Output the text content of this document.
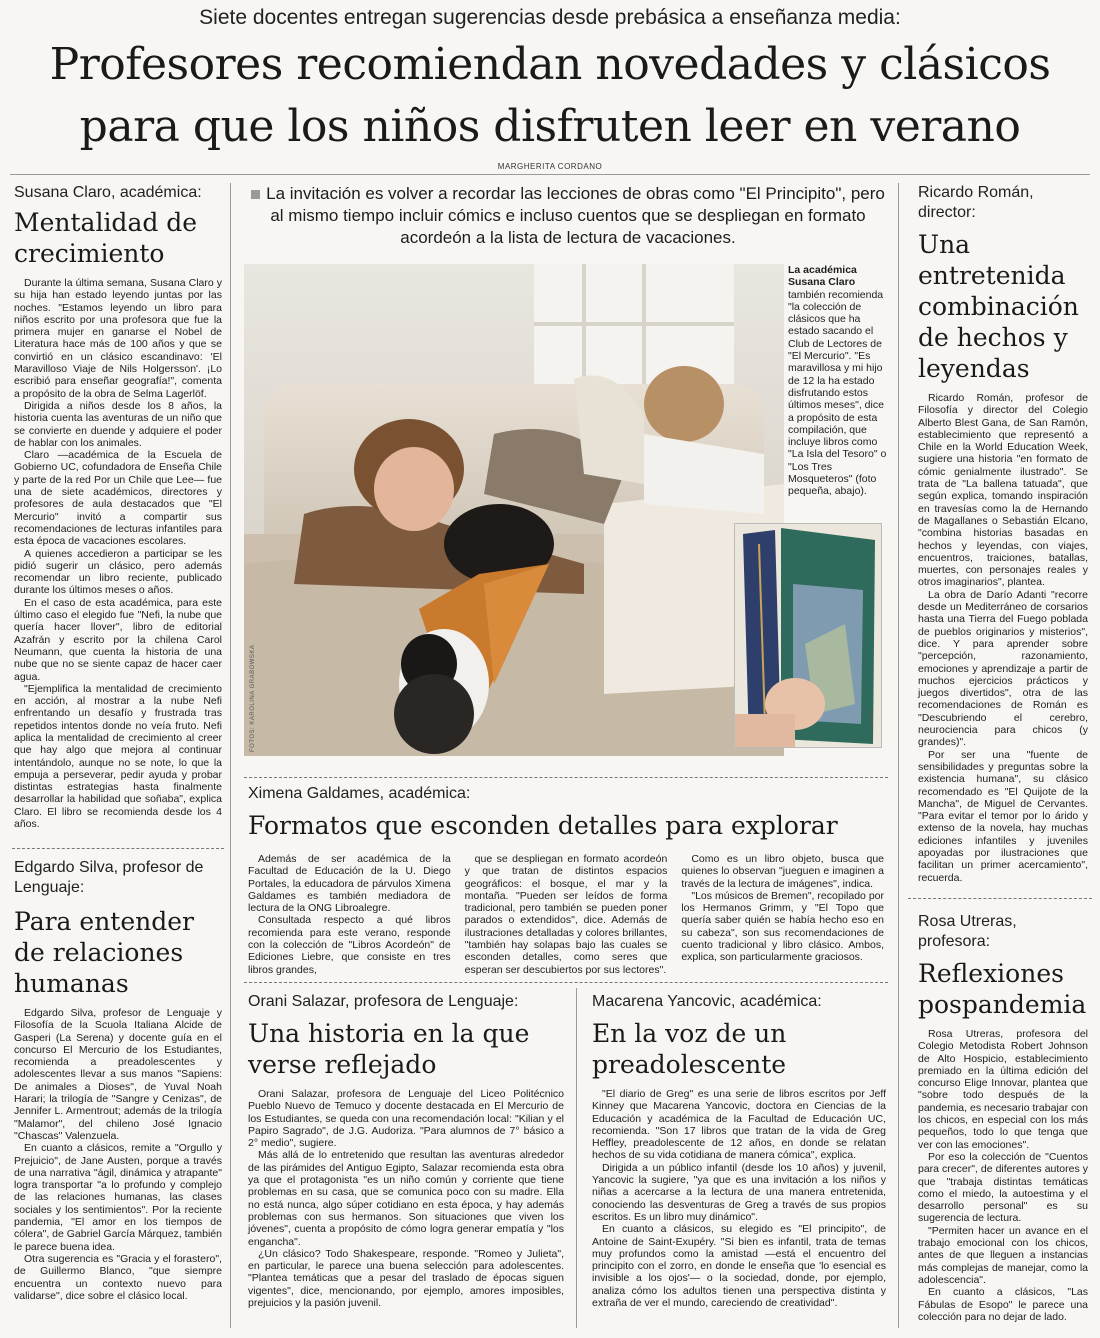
Siete docentes entregan sugerencias desde prebásica a enseñanza media:
Profesores recomiendan novedades y clásicos
para que los niños disfruten leer en verano
MARGHERITA CORDANO
Susana Claro, académica:
Mentalidad de crecimiento

Durante la última semana, Susana Claro y su hija han estado leyendo juntas por las noches. "Estamos leyendo un libro para niños escrito por una profesora que fue la primera mujer en ganarse el Nobel de Literatura hace más de 100 años y que se convirtió en un clásico escandinavo: 'El Maravilloso Viaje de Nils Holgersson'. ¡Lo escribió para enseñar geografía!", comenta a propósito de la obra de Selma Lagerlöf.

Dirigida a niños desde los 8 años, la historia cuenta las aventuras de un niño que se convierte en duende y adquiere el poder de hablar con los animales.

Claro —académica de la Escuela de Gobierno UC, cofundadora de Enseña Chile y parte de la red Por un Chile que Lee— fue una de siete académicos, directores y profesores de aula destacados que "El Mercurio" invitó a compartir sus recomendaciones de lecturas infantiles para esta época de vacaciones escolares.

A quienes accedieron a participar se les pidió sugerir un clásico, pero además recomendar un libro reciente, publicado durante los últimos meses o años.

En el caso de esta académica, para este último caso el elegido fue "Nefi, la nube que quería hacer llover", libro de editorial Azafrán y escrito por la chilena Carol Neumann, que cuenta la historia de una nube que no se siente capaz de hacer caer agua.

"Ejemplifica la mentalidad de crecimiento en acción, al mostrar a la nube Nefi enfrentando un desafío y frustrada tras repetidos intentos donde no veía fruto. Nefi aplica la mentalidad de crecimiento al creer que hay algo que mejora al continuar intentándolo, aunque no se note, lo que la empuja a perseverar, pedir ayuda y probar distintas estrategias hasta finalmente desarrollar la habilidad que soñaba", explica Claro. El libro se recomienda desde los 4 años.

Edgardo Silva, profesor de Lenguaje:
Para entender de relaciones humanas

Edgardo Silva, profesor de Lenguaje y Filosofía de la Scuola Italiana Alcide de Gasperi (La Serena) y docente guía en el concurso El Mercurio de los Estudiantes, recomienda a preadolescentes y adolescentes llevar a sus manos "Sapiens: De animales a Dioses", de Yuval Noah Harari; la trilogía de "Sangre y Cenizas", de Jennifer L. Armentrout; además de la trilogía "Malamor", del chileno José Ignacio "Chascas" Valenzuela.

En cuanto a clásicos, remite a "Orgullo y Prejuicio", de Jane Austen, porque a través de una narrativa "ágil, dinámica y atrapante" logra transportar "a lo profundo y complejo de las relaciones humanas, las clases sociales y los sentimientos". Por la reciente pandemia, "El amor en los tiempos de cólera", de Gabriel García Márquez, también le parece buena idea.

Otra sugerencia es "Gracia y el forastero", de Guillermo Blanco, "que siempre encuentra un contexto nuevo para validarse", dice sobre el clásico local.

La invitación es volver a recordar las lecciones de obras como "El Principito", pero al mismo tiempo incluir cómics e incluso cuentos que se despliegan en formato acordeón a la lista de lectura de vacaciones.
FOTOS: KAROLINA GRABOWSKA	S. CLARO
La académica Susana Claro también recomienda "la colección de clásicos que ha estado sacando el Club de Lectores de "El Mercurio". "Es maravillosa y mi hijo de 12 la ha estado disfrutando estos últimos meses", dice a propósito de esta compilación, que incluye libros como "La Isla del Tesoro" o "Los Tres Mosqueteros" (foto pequeña, abajo).
Ximena Galdames, académica:
Formatos que esconden detalles para explorar

Además de ser académica de la Facultad de Educación de la U. Diego Portales, la educadora de párvulos Ximena Galdames es también mediadora de lectura de la ONG Libroalegre.

Consultada respecto a qué libros recomienda para este verano, responde con la colección de "Libros Acordeón" de Ediciones Liebre, que consiste en tres libros grandes,

que se despliegan en formato acordeón y que tratan de distintos espacios geográficos: el bosque, el mar y la montaña. "Pueden ser leídos de forma tradicional, pero también se pueden poner parados o extendidos", dice. Además de ilustraciones detalladas y colores brillantes, "también hay solapas bajo las cuales se esconden detalles, como seres que esperan ser descubiertos por sus lectores".

Como es un libro objeto, busca que quienes lo observan "jueguen e imaginen a través de la lectura de imágenes", indica.

"Los músicos de Bremen", recopilado por los Hermanos Grimm, y "El Topo que quería saber quién se había hecho eso en su cabeza", son sus recomendaciones de cuento tradicional y libro clásico. Ambos, explica, son particularmente graciosos.

Orani Salazar, profesora de Lenguaje:
Una historia en la que verse reflejado

Orani Salazar, profesora de Lenguaje del Liceo Politécnico Pueblo Nuevo de Temuco y docente destacada en El Mercurio de los Estudiantes, se queda con una recomendación local: "Kilian y el Papiro Sagrado", de J.G. Audoriza. "Para alumnos de 7° básico a 2° medio", sugiere.

Más allá de lo entretenido que resultan las aventuras alrededor de las pirámides del Antiguo Egipto, Salazar recomienda esta obra ya que el protagonista "es un niño común y corriente que tiene problemas en su casa, que se comunica poco con su madre. Ella no está nunca, algo súper cotidiano en esta época, y hay además problemas con sus hermanos. Son situaciones que viven los jóvenes", cuenta a propósito de cómo logra generar empatía y "los engancha".

¿Un clásico? Todo Shakespeare, responde. "Romeo y Julieta", en particular, le parece una buena selección para adolescentes. "Plantea temáticas que a pesar del traslado de épocas siguen vigentes", dice, mencionando, por ejemplo, amores imposibles, prejuicios y la pasión juvenil.

Macarena Yancovic, académica:
En la voz de un preadolescente

"El diario de Greg" es una serie de libros escritos por Jeff Kinney que Macarena Yancovic, doctora en Ciencias de la Educación y académica de la Facultad de Educación UC, recomienda. "Son 17 libros que tratan de la vida de Greg Heffley, preadolescente de 12 años, en donde se relatan hechos de su vida cotidiana de manera cómica", explica.

Dirigida a un público infantil (desde los 10 años) y juvenil, Yancovic la sugiere, "ya que es una invitación a los niños y niñas a acercarse a la lectura de una manera entretenida, conociendo las desventuras de Greg a través de sus propios escritos. Es un libro muy dinámico".

En cuanto a clásicos, su elegido es "El principito", de Antoine de Saint-Exupéry. "Si bien es infantil, trata de temas muy profundos como la amistad —está el encuentro del principito con el zorro, en donde le enseña que 'lo esencial es invisible a los ojos'— o la sociedad, donde, por ejemplo, analiza cómo los adultos tienen una perspectiva distinta y extraña de ver el mundo, careciendo de creatividad".

Ricardo Román, director:
Una entretenida combinación de hechos y leyendas

Ricardo Román, profesor de Filosofía y director del Colegio Alberto Blest Gana, de San Ramón, establecimiento que representó a Chile en la World Education Week, sugiere una historia "en formato de cómic genialmente ilustrado". Se trata de "La ballena tatuada", que según explica, tomando inspiración en travesías como la de Hernando de Magallanes o Sebastián Elcano, "combina historias basadas en hechos y leyendas, con viajes, encuentros, traiciones, batallas, muertes, con personajes reales y otros imaginarios", plantea.

La obra de Darío Adanti "recorre desde un Mediterráneo de corsarios hasta una Tierra del Fuego poblada de pueblos originarios y misterios", dice. Y para aprender sobre "percepción, razonamiento, emociones y aprendizaje a partir de muchos ejercicios prácticos y juegos divertidos", otra de las recomendaciones de Román es "Descubriendo el cerebro, neurociencia para chicos (y grandes)".

Por ser una "fuente de sensibilidades y preguntas sobre la existencia humana", su clásico recomendado es "El Quijote de la Mancha", de Miguel de Cervantes. "Para evitar el temor por lo árido y extenso de la novela, hay muchas ediciones infantiles y juveniles apoyadas por ilustraciones que facilitan un primer acercamiento", recuerda.

Rosa Utreras, profesora:
Reflexiones pospandemia

Rosa Utreras, profesora del Colegio Metodista Robert Johnson de Alto Hospicio, establecimiento premiado en la última edición del concurso Elige Innovar, plantea que "sobre todo después de la pandemia, es necesario trabajar con los chicos, en especial con los más pequeños, todo lo que tenga que ver con las emociones".

Por eso la colección de "Cuentos para crecer", de diferentes autores y que "trabaja distintas temáticas como el miedo, la autoestima y el desarrollo personal" es su sugerencia de lectura.

"Permiten hacer un avance en el trabajo emocional con los chicos, antes de que lleguen a instancias más complejas de manejar, como la adolescencia".

En cuanto a clásicos, "Las Fábulas de Esopo" le parece una colección para no dejar de lado.
